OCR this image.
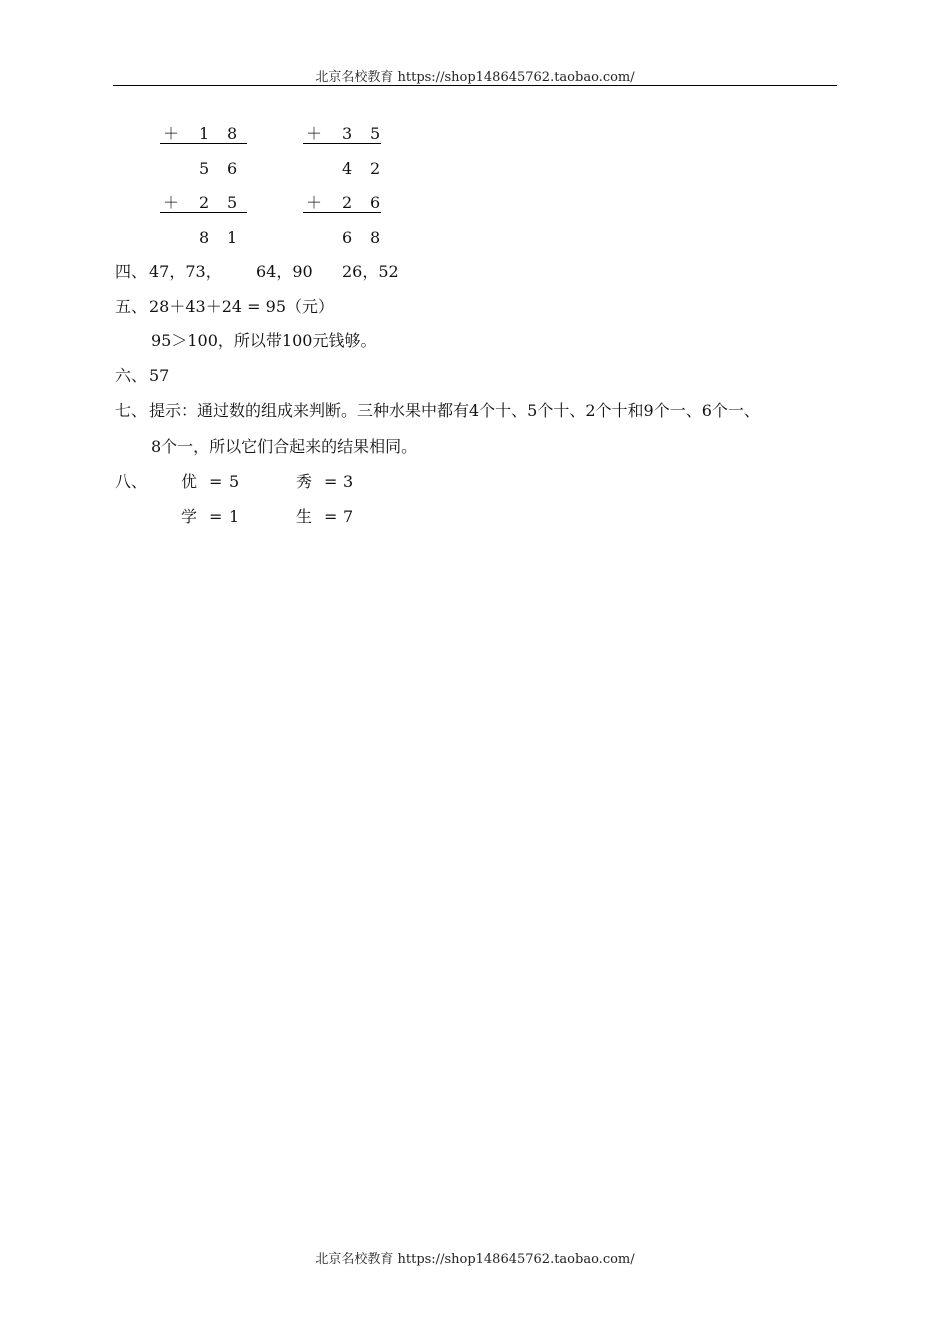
北京名校教育 https://shop148645762.taobao.com/
＋ 1 8	＋ 3 5
5 6	4 2
＋ 2 5	＋ 2 6
8 1	6 8
四、 47，73， 64，90 26，52
五、 28＋43＋24 = 95（元）
95＞100，所以带100元钱够。
六、 57
七、 提示：通过数的组成来判断。三种水果中都有4个十、5个十、2个十和9个一、6个一、
8个一，所以它们合起来的结果相同。
八、 优 = 5	秀 = 3
学 = 1	生 = 7
北京名校教育 https://shop148645762.taobao.com/
